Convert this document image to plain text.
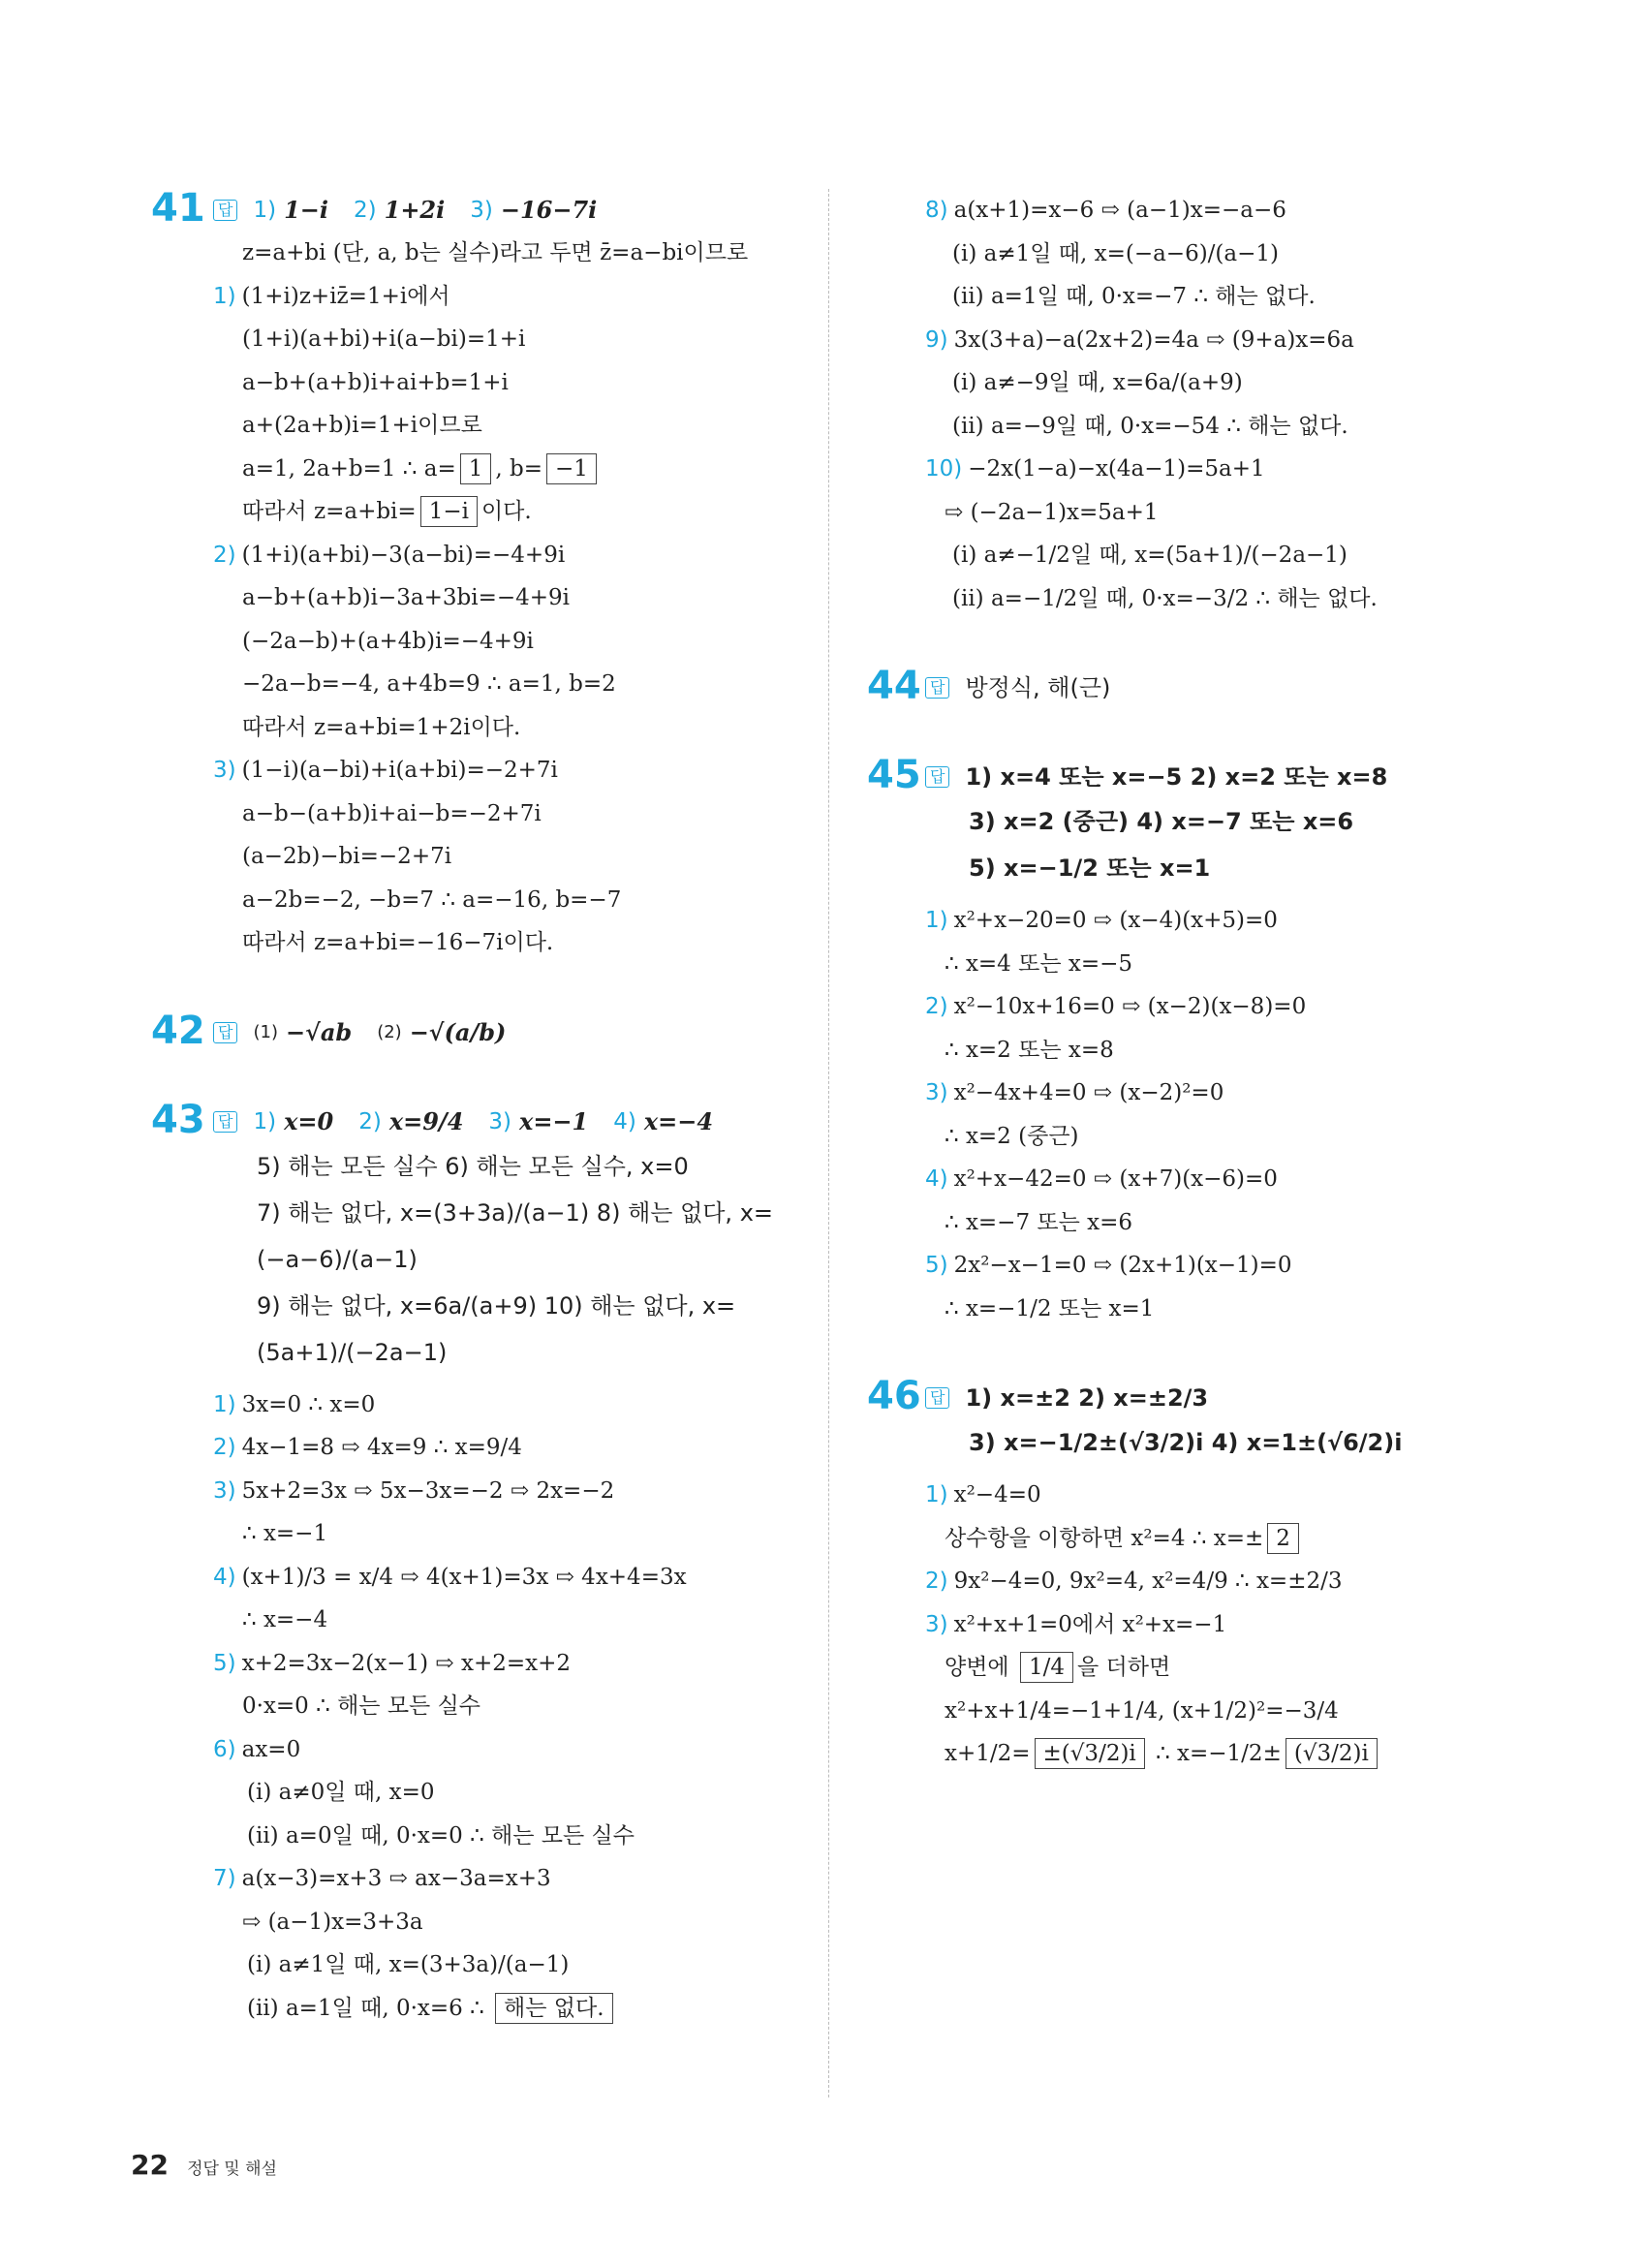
41 답 1) 1−i 2) 1+2i 3) −16−7i
z=a+bi (단, a, b는 실수)라고 두면 z̄=a−bi이므로
1) (1+i)z+iz̄=1+i에서
(1+i)(a+bi)+i(a−bi)=1+i
a−b+(a+b)i+ai+b=1+i
a+(2a+b)i=1+i이므로
a=1, 2a+b=1 ∴ a= 1 , b= −1
따라서 z=a+bi= 1−i 이다.
2) (1+i)(a+bi)−3(a−bi)=−4+9i
a−b+(a+b)i−3a+3bi=−4+9i
(−2a−b)+(a+4b)i=−4+9i
−2a−b=−4, a+4b=9 ∴ a=1, b=2
따라서 z=a+bi=1+2i이다.
3) (1−i)(a−bi)+i(a+bi)=−2+7i
a−b−(a+b)i+ai−b=−2+7i
(a−2b)−bi=−2+7i
a−2b=−2, −b=7 ∴ a=−16, b=−7
따라서 z=a+bi=−16−7i이다.
42 답 (1) −√ab (2) −√(a/b)
43 답 1) x=0 2) x=9/4 3) x=−1 4) x=−4
5) 해는 모든 실수 6) 해는 모든 실수, x=0
7) 해는 없다, x=(3+3a)/(a−1) 8) 해는 없다, x=(−a−6)/(a−1)
9) 해는 없다, x=6a/(a+9) 10) 해는 없다, x=(5a+1)/(−2a−1)
1) 3x=0 ∴ x=0
2) 4x−1=8 ⇨ 4x=9 ∴ x=9/4
3) 5x+2=3x ⇨ 5x−3x=−2 ⇨ 2x=−2
∴ x=−1
4) (x+1)/3 = x/4 ⇨ 4(x+1)=3x ⇨ 4x+4=3x
∴ x=−4
5) x+2=3x−2(x−1) ⇨ x+2=x+2
0·x=0 ∴ 해는 모든 실수
6) ax=0
(ⅰ) a≠0일 때, x=0
(ⅱ) a=0일 때, 0·x=0 ∴ 해는 모든 실수
7) a(x−3)=x+3 ⇨ ax−3a=x+3
⇨ (a−1)x=3+3a
(ⅰ) a≠1일 때, x=(3+3a)/(a−1)
(ⅱ) a=1일 때, 0·x=6 ∴ 해는 없다.
8) a(x+1)=x−6 ⇨ (a−1)x=−a−6
(ⅰ) a≠1일 때, x=(−a−6)/(a−1)
(ⅱ) a=1일 때, 0·x=−7 ∴ 해는 없다.
9) 3x(3+a)−a(2x+2)=4a ⇨ (9+a)x=6a
(ⅰ) a≠−9일 때, x=6a/(a+9)
(ⅱ) a=−9일 때, 0·x=−54 ∴ 해는 없다.
10) −2x(1−a)−x(4a−1)=5a+1
⇨ (−2a−1)x=5a+1
(ⅰ) a≠−1/2일 때, x=(5a+1)/(−2a−1)
(ⅱ) a=−1/2일 때, 0·x=−3/2 ∴ 해는 없다.
44 답 방정식, 해(근)
45 답 1) x=4 또는 x=−5 2) x=2 또는 x=8
3) x=2 (중근) 4) x=−7 또는 x=6
5) x=−1/2 또는 x=1
1) x²+x−20=0 ⇨ (x−4)(x+5)=0
∴ x=4 또는 x=−5
2) x²−10x+16=0 ⇨ (x−2)(x−8)=0
∴ x=2 또는 x=8
3) x²−4x+4=0 ⇨ (x−2)²=0
∴ x=2 (중근)
4) x²+x−42=0 ⇨ (x+7)(x−6)=0
∴ x=−7 또는 x=6
5) 2x²−x−1=0 ⇨ (2x+1)(x−1)=0
∴ x=−1/2 또는 x=1
46 답 1) x=±2 2) x=±2/3
3) x=−1/2±(√3/2)i 4) x=1±(√6/2)i
1) x²−4=0
상수항을 이항하면 x²=4 ∴ x=± 2
2) 9x²−4=0, 9x²=4, x²=4/9 ∴ x=±2/3
3) x²+x+1=0에서 x²+x=−1
양변에 1/4 을 더하면
x²+x+1/4=−1+1/4, (x+1/2)²=−3/4
x+1/2= ±(√3/2)i ∴ x=−1/2± (√3/2)i
22 정답 및 해설
